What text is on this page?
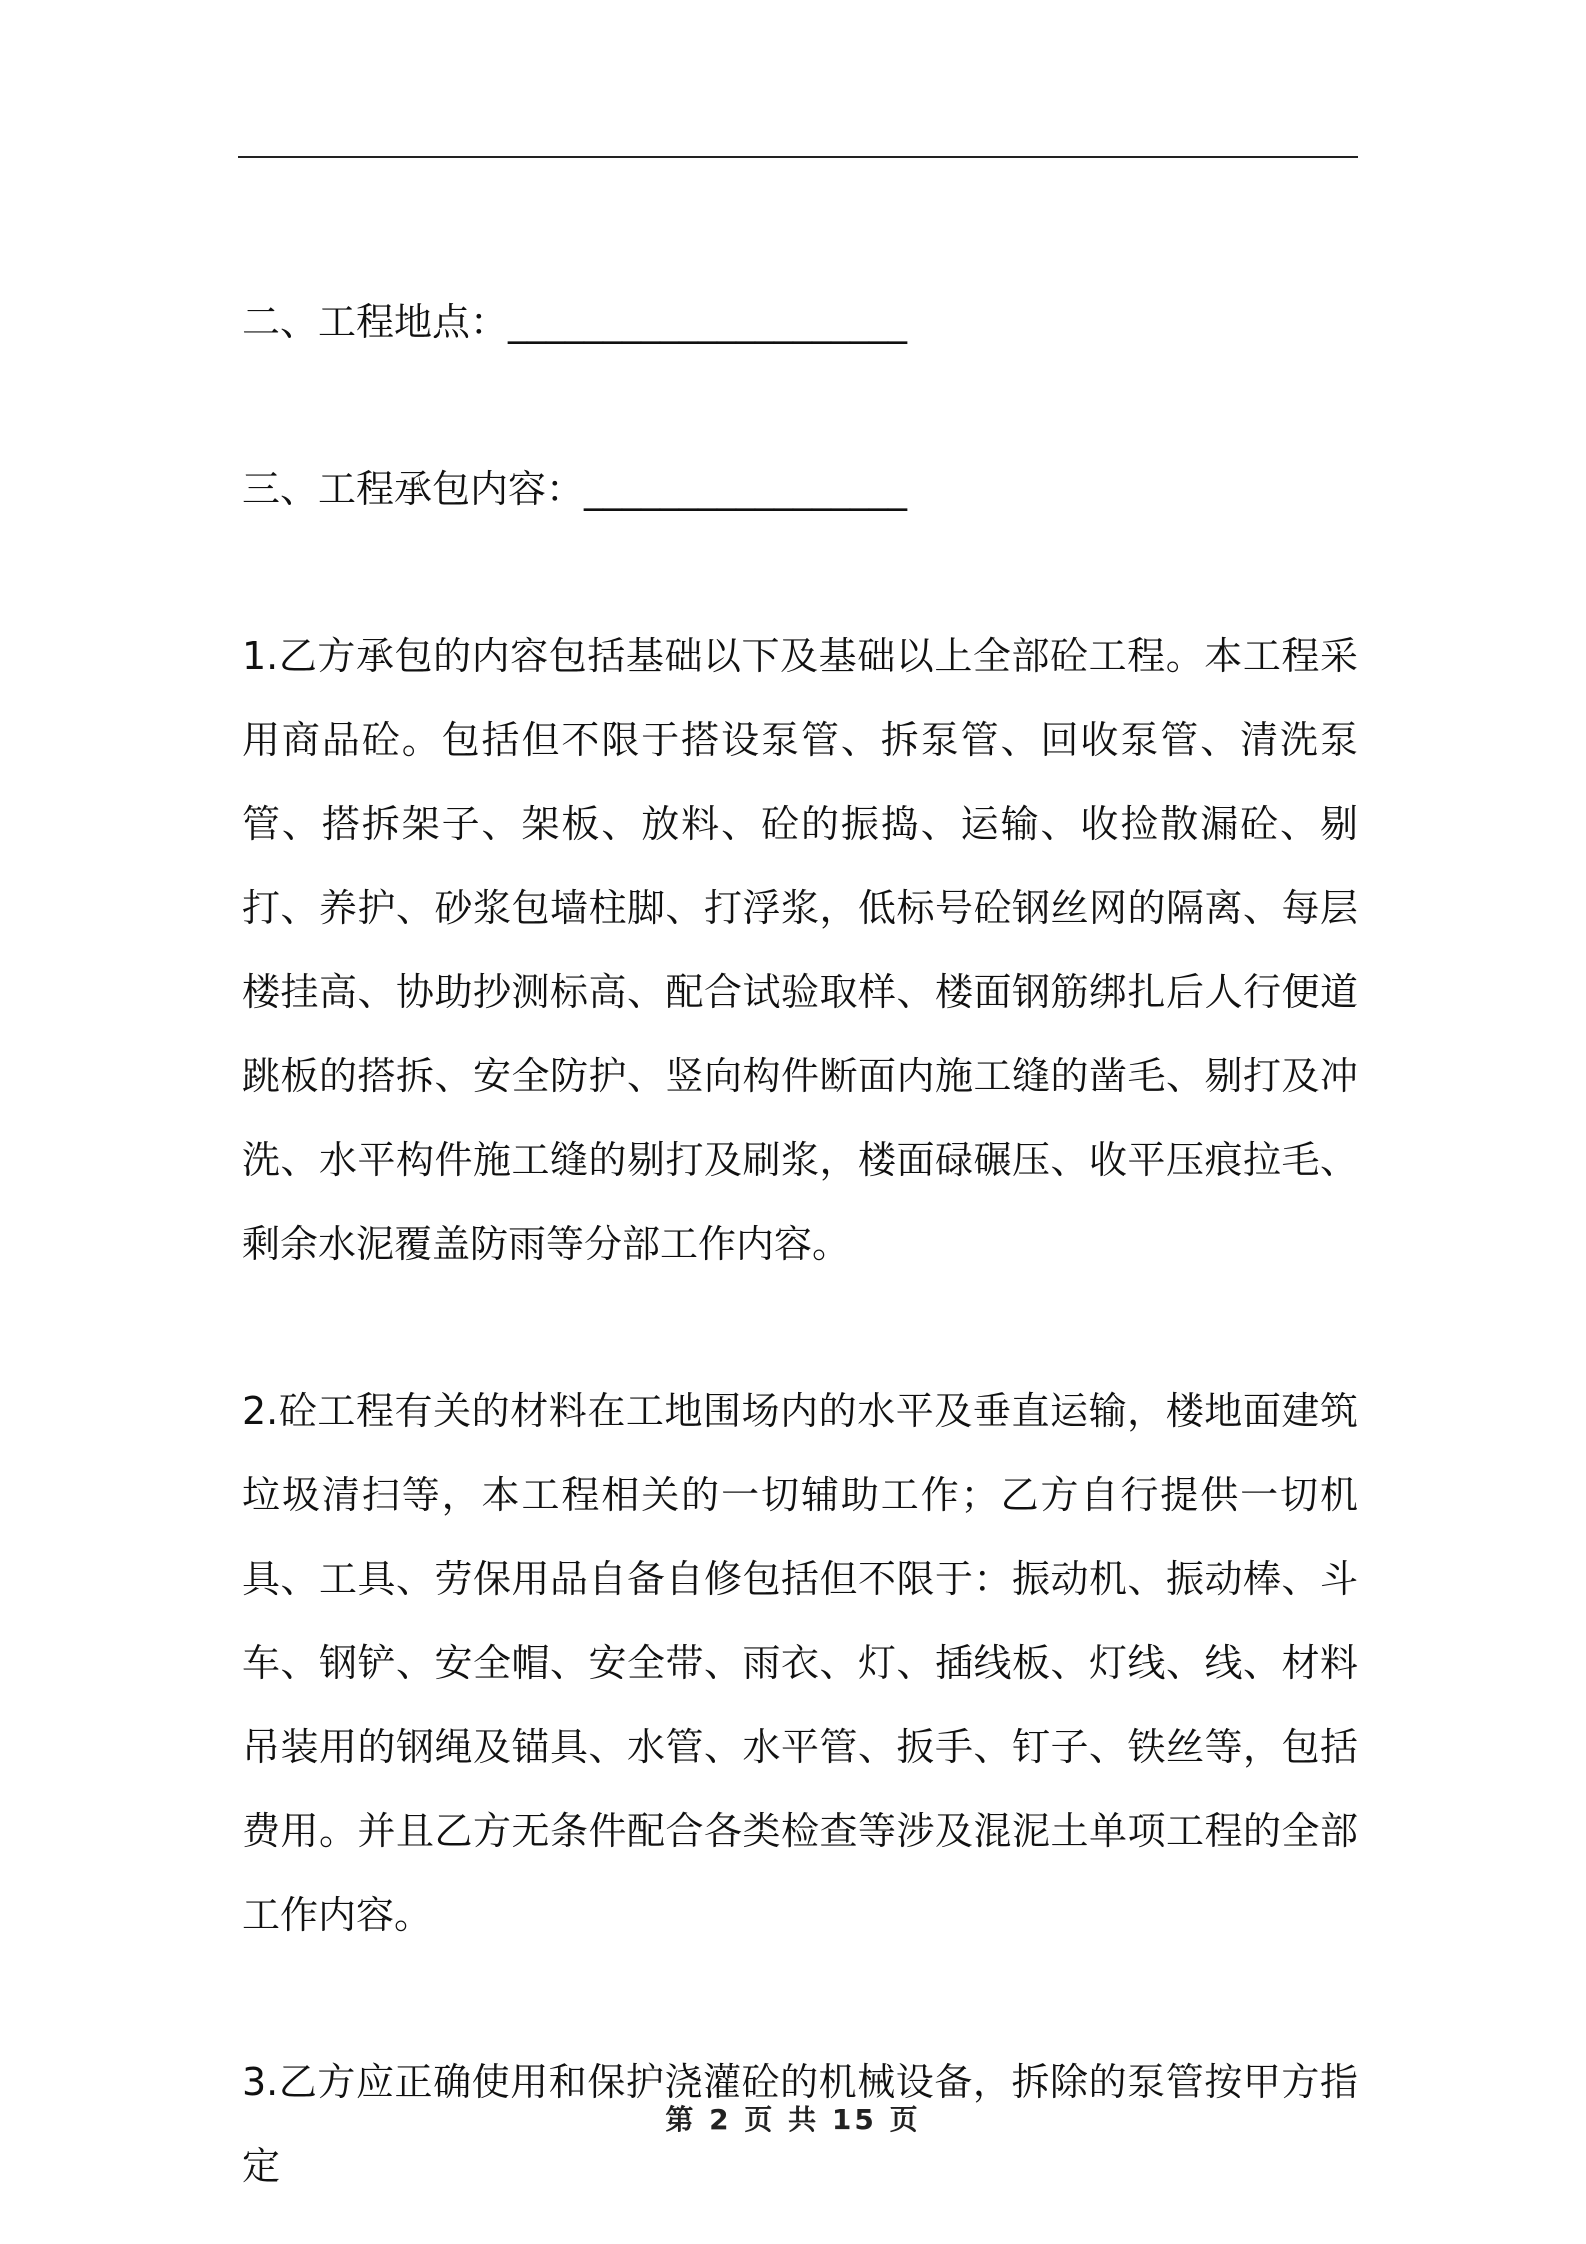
二、工程地点：_____________________

三、工程承包内容：_________________

1.乙方承包的内容包括基础以下及基础以上全部砼工程。本工程采用商品砼。包括但不限于搭设泵管、拆泵管、回收泵管、清洗泵管、搭拆架子、架板、放料、砼的振捣、运输、收捡散漏砼、剔打、养护、砂浆包墙柱脚、打浮浆，低标号砼钢丝网的隔离、每层楼挂高、协助抄测标高、配合试验取样、楼面钢筋绑扎后人行便道跳板的搭拆、安全防护、竖向构件断面内施工缝的凿毛、剔打及冲洗、水平构件施工缝的剔打及刷浆，楼面碌碾压、收平压痕拉毛、剩余水泥覆盖防雨等分部工作内容。

2.砼工程有关的材料在工地围场内的水平及垂直运输，楼地面建筑垃圾清扫等，本工程相关的一切辅助工作；乙方自行提供一切机具、工具、劳保用品自备自修包括但不限于：振动机、振动棒、斗车、钢铲、安全帽、安全带、雨衣、灯、插线板、灯线、线、材料吊装用的钢绳及锚具、水管、水平管、扳手、钉子、铁丝等，包括费用。并且乙方无条件配合各类检查等涉及混泥土单项工程的全部工作内容。

3.乙方应正确使用和保护浇灌砼的机械设备，拆除的泵管按甲方指定

第 2 页 共 15 页
